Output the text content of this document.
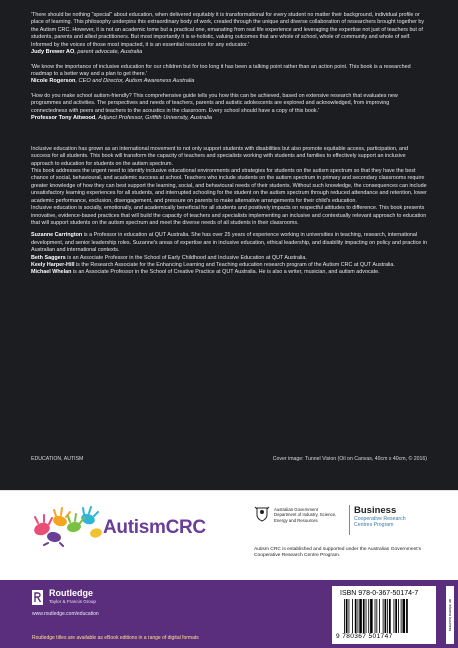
'There should be nothing "special" about education, when delivered equitably it is transformational for every student no matter their background, individual profile or place of learning. This philosophy underpins this extraordinary body of work, created through the unique and diverse collaboration of researchers brought together by the Autism CRC. However, it is not an academic tome but a practical one, emanating from real life experience and leveraging the expertise not just of teachers but of students, parents and allied practitioners. But most importantly it is w-holistic, valuing outcomes that are whole of school, whole of community and whole of self. Informed by the voices of those most impacted, it is an essential resource for any educator.'

Judy Brewer AO, parent advocate, Australia

'We know the importance of inclusive education for our children but for too long it has been a talking point rather than an action point. This book is a researched roadmap to a better way and a plan to get there.'

Nicole Rogerson, CEO and Director, Autism Awareness Australia

'How do you make school autism-friendly? This comprehensive guide tells you how this can be achieved, based on extensive research that evaluates new programmes and activities. The perspectives and needs of teachers, parents and autistic adolescents are explored and acknowledged, from improving connectedness with peers and teachers to the acoustics in the classroom. Every school should have a copy of this book.'

Professor Tony Attwood, Adjunct Professor, Griffith University, Australia

Inclusive education has grown as an international movement to not only support students with disabilities but also promote equitable access, participation, and success for all students. This book will transform the capacity of teachers and specialists working with students and families to effectively support an inclusive approach to education for students on the autism spectrum.

This book addresses the urgent need to identify inclusive educational environments and strategies for students on the autism spectrum so that they have the best chance of social, behavioural, and academic success at school. Teachers who include students on the autism spectrum in primary and secondary classrooms require greater knowledge of how they can best support the learning, social, and behavioural needs of their students. Without such knowledge, the consequences can include unsatisfactory learning experiences for all students, and interrupted schooling for the student on the autism spectrum through reduced attendance and retention, lower academic performance, exclusion, disengagement, and pressure on parents to make alternative arrangements for their child's education.

Inclusive education is socially, emotionally, and academically beneficial for all students and positively impacts on respectful attitudes to difference. This book presents innovative, evidence-based practices that will build the capacity of teachers and specialists implementing an inclusive and contextually relevant approach to education that will support students on the autism spectrum and meet the diverse needs of all students in their classrooms.

Suzanne Carrington is a Professor in education at QUT Australia. She has over 25 years of experience working in universities in teaching, research, international development, and senior leadership roles. Suzanne's areas of expertise are in inclusive education, ethical leadership, and disability impacting on policy and practice in Australian and international contexts.

Beth Saggers is an Associate Professor in the School of Early Childhood and Inclusive Education at QUT Australia.

Keely Harper-Hill is the Research Associate for the Enhancing Learning and Teaching education research program of the Autism CRC at QUT Australia.

Michael Whelan is an Associate Professor in the School of Creative Practice at QUT Australia. He is also a writer, musician, and autism advocate.

EDUCATION, AUTISM	Cover image: Tunnel Vision (Oil on Canvas, 40cm x 40cm, © 2016)
AutismCRC
Australian Government
Department of Industry, Science, Energy and Resources
Business
Cooperative Research
Centres Program
Autism CRC is established and supported under the Australian Government's Cooperative Research Centre Program.
Routledge
Taylor & Francis Group
www.routledge.com/education
Routledge titles are available as eBook editions in a range of digital formats
ISBN 978-0-367-50174-7
9 780367 501747
an informa business
